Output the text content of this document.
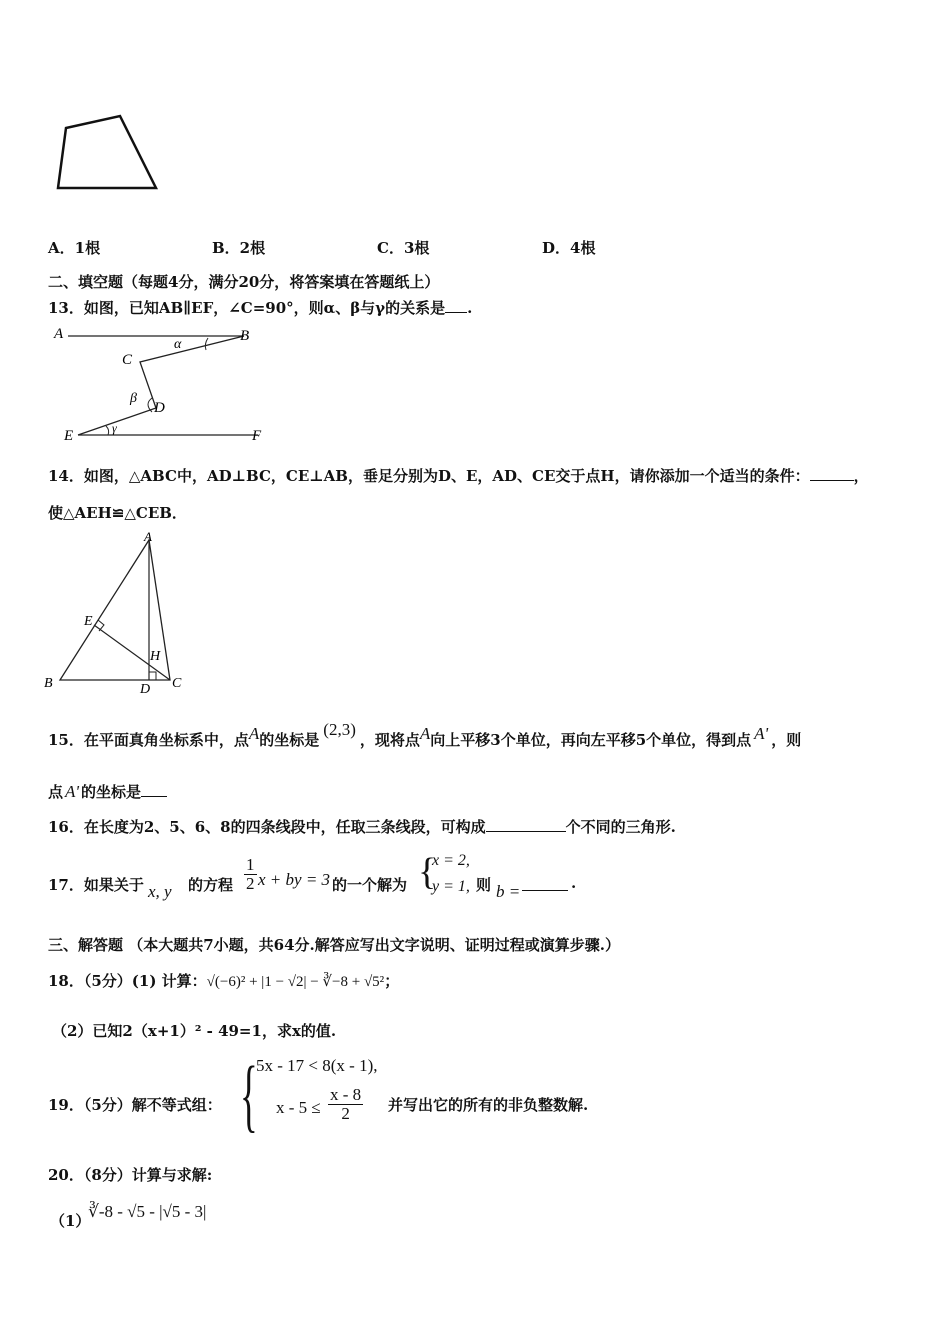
A．1根	B．2根	C．3根	D．4根
二、填空题（每题4分，满分20分，将答案填在答题纸上）
13．如图，已知AB∥EF，∠C=90°，则α、β与γ的关系是 .
A	B
C
D
E	F
α
β
γ
14．如图，△ABC中，AD⊥BC，CE⊥AB，垂足分别为D、E，AD、CE交于点H，请你添加一个适当的条件：	，
使△AEH≌△CEB．
A
B	C
D
E
H
15．在平面真角坐标系中，点A的坐标是(2,3)，现将点A向上平移3个单位，再向左平移5个单位，得到点 A' ，则
点 A' 的坐标是
16．在长度为2、5、6、8的四条线段中，任取三条线段，可构成	个不同的三角形.
17．如果关于 x, y 的方程 $\frac{1}{2}$ x + by = 3 的一个解为 {
x = 2,
y = 1, 则 b =	.
三、解答题 （本大题共7小题，共64分.解答应写出文字说明、证明过程或演算步骤.）
18．（5分）(1) 计算：√(−6)² + |1 − √2| − ∛−8 + √5²；
（2）已知2（x+1）² - 49=1，求x的值.
19．（5分）解不等式组： {
5x - 17 < 8(x - 1),
$x - 5 \le \frac{x - 8}{2}$ 并写出它的所有的非负整数解.
20．（8分）计算与求解:
（1）
∛-8 - √5 - |√5 - 3|
